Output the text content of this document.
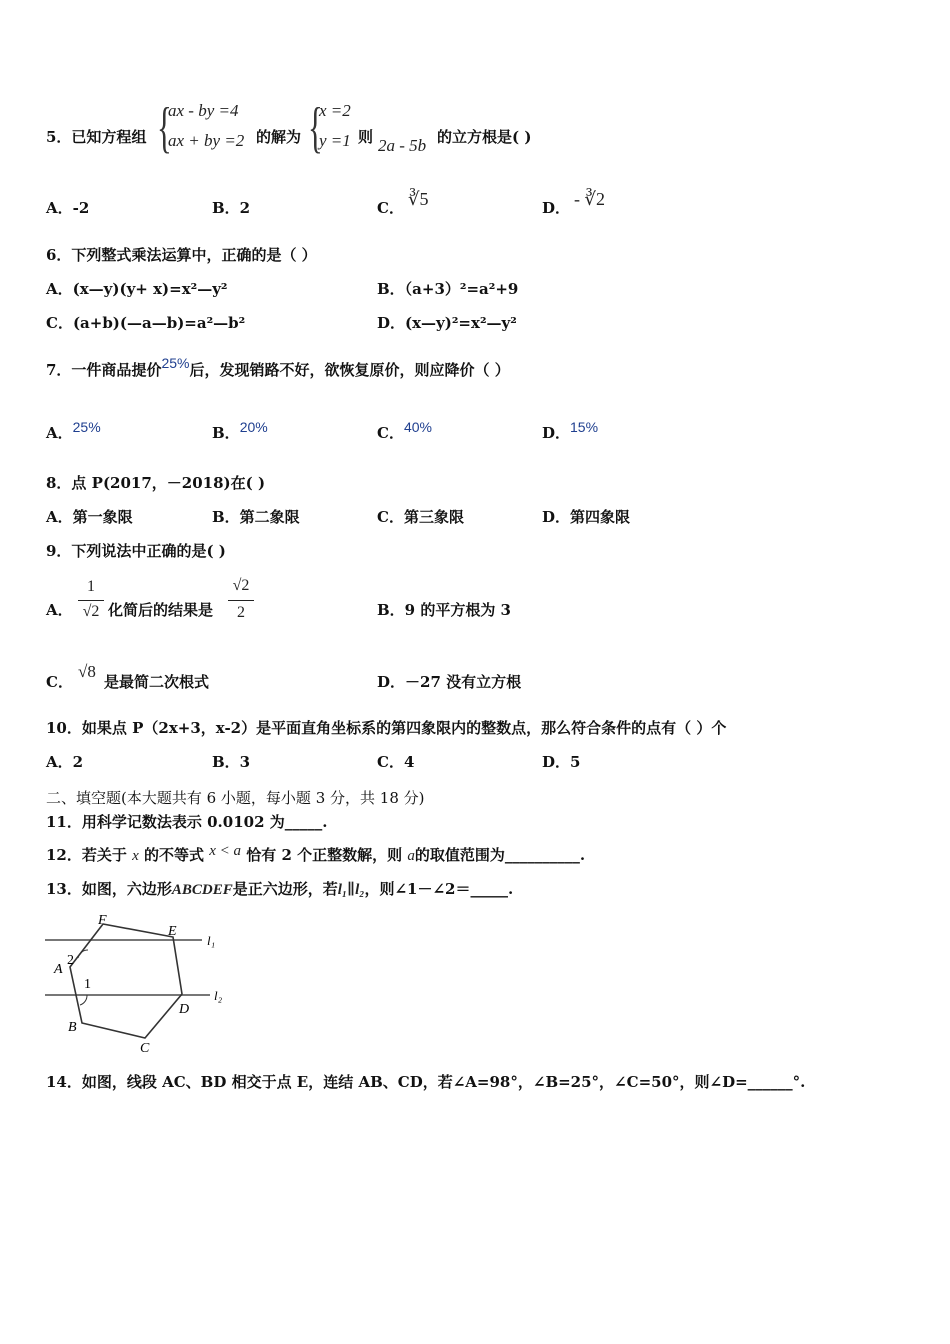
5．已知方程组 {
ax - by =4
ax + by =2 的解为 {
x =2
y =1 则 2a - 5b 的立方根是( )
A．-2	B．2	C． ∛5	D． - ∛2
6．下列整式乘法运算中，正确的是（ ）
A．(x—y)(y+ x)=x²—y²	B．（a+3）²=a²+9
C．(a+b)(—a—b)=a²—b²	D．(x—y)²=x²—y²
7．一件商品提价25%后，发现销路不好，欲恢复原价，则应降价（ ）
A．25%	B．20%	C．40%	D．15%
8．点 P(2017，－2018)在( )
A．第一象限	B．第二象限	C．第三象限	D．第四象限
9．下列说法中正确的是( )
A．
1
√2 化简后的结果是
√2
2	B．9 的平方根为 3
C．
√8
是最简二次根式	D．－27 没有立方根
10．如果点 P（2x+3，x-2）是平面直角坐标系的第四象限内的整数点，那么符合条件的点有（ ）个
A．2	B．3	C．4	D．5
二、填空题(本大题共有 6 小题，每小题 3 分，共 18 分)
11．用科学记数法表示 0.0102 为_____.
12．若关于 x 的不等式 x < a 恰有 2 个正整数解，则 a的取值范围为__________.
13．如图，六边形ABCDEF是正六边形，若l₁∥l₂，则∠1－∠2＝_____.
F
E
A
B
C
D
l₁
l₂
2
1
14．如图，线段 AC、BD 相交于点 E，连结 AB、CD，若∠A=98°，∠B=25°，∠C=50°，则∠D=______°.
